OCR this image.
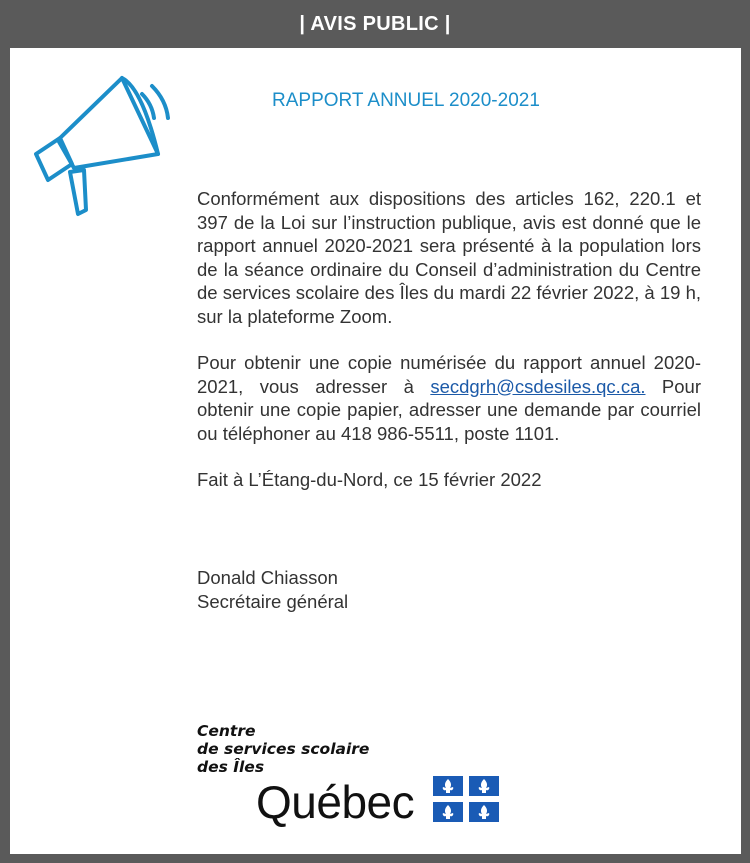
| AVIS PUBLIC |
RAPPORT ANNUEL 2020-2021

Conformément aux dispositions des articles 162, 220.1 et 397 de la Loi sur l’instruction publique, avis est donné que le rapport annuel 2020-2021 sera présenté à la population lors de la séance ordinaire du Conseil d’administration du Centre de services scolaire des Îles du mardi 22 février 2022, à 19 h, sur la plateforme Zoom.

Pour obtenir une copie numérisée du rapport annuel 2020-2021, vous adresser à secdgrh@csdesiles.qc.ca. Pour obtenir une copie papier, adresser une demande par courriel ou téléphoner au 418 986-5511, poste 1101.

Fait à L’Étang-du-Nord, ce 15 février 2022

Donald Chiasson
Secrétaire général
Centre
de services scolaire
des Îles
Québec
